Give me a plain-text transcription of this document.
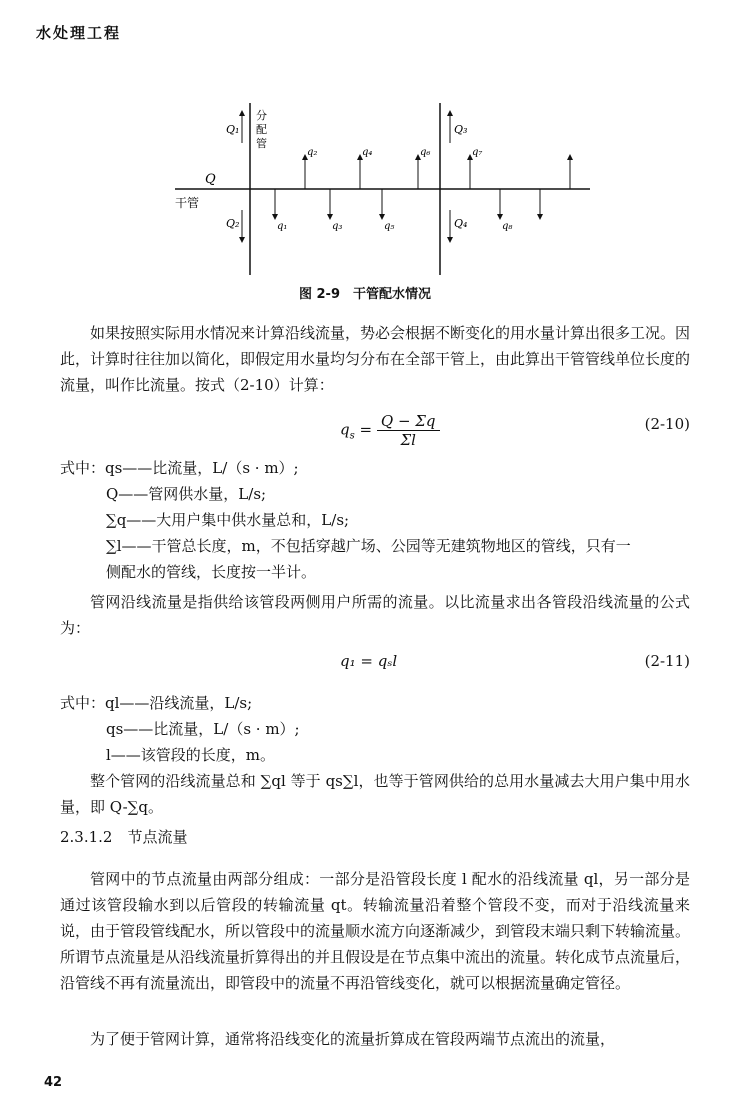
水处理工程
Q
干管
分
配
管
Q₁
Q₂
Q₃
Q₄
q₁
q₂
q₃
q₄
q₅
q₆	q₇
q₈
图 2-9　干管配水情况
如果按照实际用水情况来计算沿线流量，势必会根据不断变化的用水量计算出很多工况。因此，计算时往往加以简化，即假定用水量均匀分布在全部干管上，由此算出干管管线单位长度的流量，叫作比流量。按式（2-10）计算：
$q_s = \frac{Q - \Sigma q}{\Sigma l}$	(2-10)
式中：qs——比流量，L/（s · m）;
Q——管网供水量，L/s;
∑q——大用户集中供水量总和，L/s;
∑l——干管总长度，m，不包括穿越广场、公园等无建筑物地区的管线，只有一
侧配水的管线，长度按一半计。
管网沿线流量是指供给该管段两侧用户所需的流量。以比流量求出各管段沿线流量的公式为：
q₁ = qₛl	(2-11)
式中：ql——沿线流量，L/s;
qs——比流量，L/（s · m）;
l——该管段的长度，m。
整个管网的沿线流量总和 ∑ql 等于 qs∑l，也等于管网供给的总用水量减去大用户集中用水量，即 Q-∑q。
2.3.1.2　节点流量
管网中的节点流量由两部分组成：一部分是沿管段长度 l 配水的沿线流量 ql，另一部分是通过该管段输水到以后管段的转输流量 qt。转输流量沿着整个管段不变，而对于沿线流量来说，由于管段管线配水，所以管段中的流量顺水流方向逐渐减少，到管段末端只剩下转输流量。所谓节点流量是从沿线流量折算得出的并且假设是在节点集中流出的流量。转化成节点流量后，沿管线不再有流量流出，即管段中的流量不再沿管线变化，就可以根据流量确定管径。
为了便于管网计算，通常将沿线变化的流量折算成在管段两端节点流出的流量，
42
